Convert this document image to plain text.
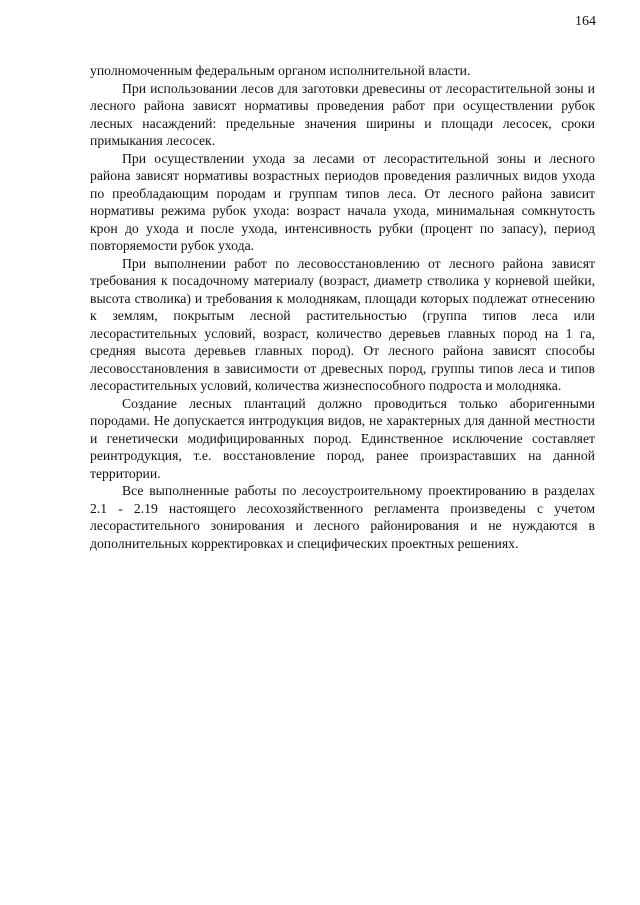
164

уполномоченным федеральным органом исполнительной власти.

При использовании лесов для заготовки древесины от лесорастительной зоны и лесного района зависят нормативы проведения работ при осуществлении рубок лесных насаждений: предельные значения ширины и площади лесосек, сроки примыкания лесосек.

При осуществлении ухода за лесами от лесорастительной зоны и лесного района зависят нормативы возрастных периодов проведения различных видов ухода по преобладающим породам и группам типов леса. От лесного района зависит нормативы режима рубок ухода: возраст начала ухода, минимальная сомкнутость крон до ухода и после ухода, интенсивность рубки (процент по запасу), период повторяемости рубок ухода.

При выполнении работ по лесовосстановлению от лесного района зависят требования к посадочному материалу (возраст, диаметр стволика у корневой шейки, высота стволика) и требования к молоднякам, площади которых подлежат отнесению к землям, покрытым лесной растительностью (группа типов леса или лесорастительных условий, возраст, количество деревьев главных пород на 1 га, средняя высота деревьев главных пород). От лесного района зависят способы лесовосстановления в зависимости от древесных пород, группы типов леса и типов лесорастительных условий, количества жизнеспособного подроста и молодняка.

Создание лесных плантаций должно проводиться только аборигенными породами. Не допускается интродукция видов, не характерных для данной местности и генетически модифицированных пород. Единственное исключение составляет реинтродукция, т.е. восстановление пород, ранее произраставших на данной территории.

Все выполненные работы по лесоустроительному проектированию в разделах 2.1 - 2.19 настоящего лесохозяйственного регламента произведены с учетом лесорастительного зонирования и лесного районирования и не нуждаются в дополнительных корректировках и специфических проектных решениях.
